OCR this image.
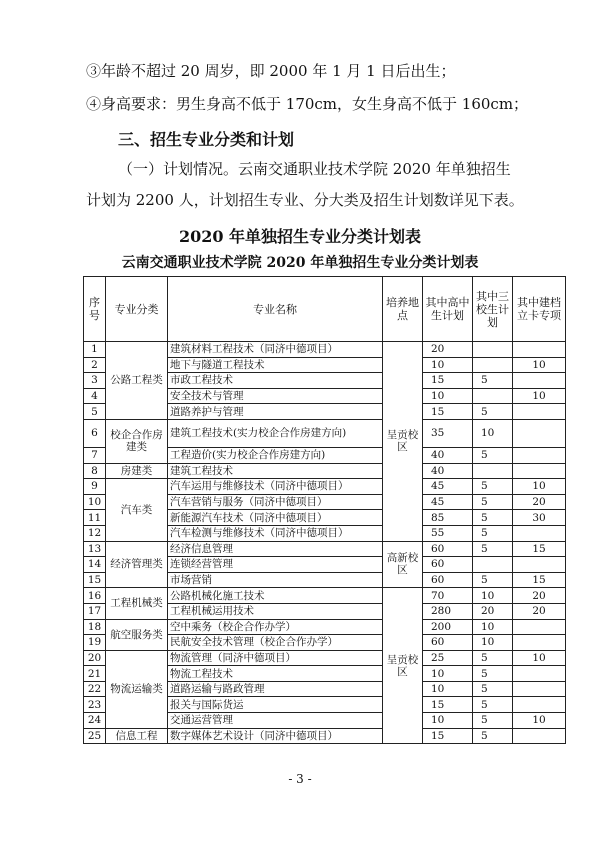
③年龄不超过 20 周岁，即 2000 年 1 月 1 日后出生；
④身高要求：男生身高不低于 170cm，女生身高不低于 160cm；
三、招生专业分类和计划
（一）计划情况。云南交通职业技术学院 2020 年单独招生
计划为 2200 人，计划招生专业、分大类及招生计划数详见下表。
2020 年单独招生专业分类计划表
云南交通职业技术学院 2020 年单独招生专业分类计划表
序号	专业分类	专业名称	培养地点	其中高中生计划	其中三校生计划	其中建档立卡专项
1	公路工程类	建筑材料工程技术（同济中德项目）	呈贡校区	20		
2		地下与隧道工程技术		10		10
3		市政工程技术		15	5	
4		安全技术与管理		10		10
5		道路养护与管理		15	5	
6	校企合作房建类	建筑工程技术(实力校企合作房建方向)		35	10	
7		工程造价(实力校企合作房建方向)		40	5	
8	房建类	建筑工程技术		40		
9	汽车类	汽车运用与维修技术（同济中德项目）		45	5	10
10		汽车营销与服务（同济中德项目）		45	5	20
11		新能源汽车技术（同济中德项目）		85	5	30
12		汽车检测与维修技术（同济中德项目）		55	5	
13	经济管理类	经济信息管理	高新校区	60	5	15
14		连锁经营管理		60		
15		市场营销		60	5	15
16	工程机械类	公路机械化施工技术	呈贡校区	70	10	20
17		工程机械运用技术		280	20	20
18	航空服务类	空中乘务（校企合作办学）		200	10	
19		民航安全技术管理（校企合作办学）		60	10	
20	物流运输类	物流管理（同济中德项目）		25	5	10
21		物流工程技术		10	5	
22		道路运输与路政管理		10	5	
23		报关与国际货运		15	5	
24		交通运营管理		10	5	10
25	信息工程	数字媒体艺术设计（同济中德项目）		15	5	
- 3 -
